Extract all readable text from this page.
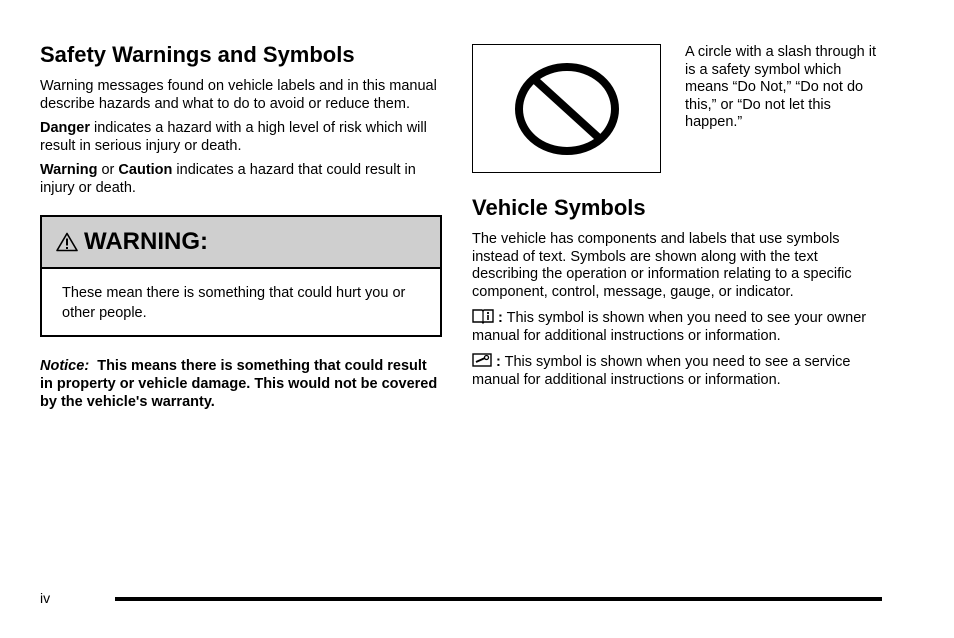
Safety Warnings and Symbols

Warning messages found on vehicle labels and in this manual describe hazards and what to do to avoid or reduce them.

Danger indicates a hazard with a high level of risk which will result in serious injury or death.

Warning or Caution indicates a hazard that could result in injury or death.

WARNING:
These mean there is something that could hurt you or other people.

Notice: This means there is something that could result in property or vehicle damage. This would not be covered by the vehicle's warranty.

A circle with a slash through it is a safety symbol which means “Do Not,” “Do not do this,” or “Do not let this happen.”

Vehicle Symbols

The vehicle has components and labels that use symbols instead of text. Symbols are shown along with the text describing the operation or information relating to a specific component, control, message, gauge, or indicator.

: This symbol is shown when you need to see your owner manual for additional instructions or information.

: This symbol is shown when you need to see a service manual for additional instructions or information.

iv
